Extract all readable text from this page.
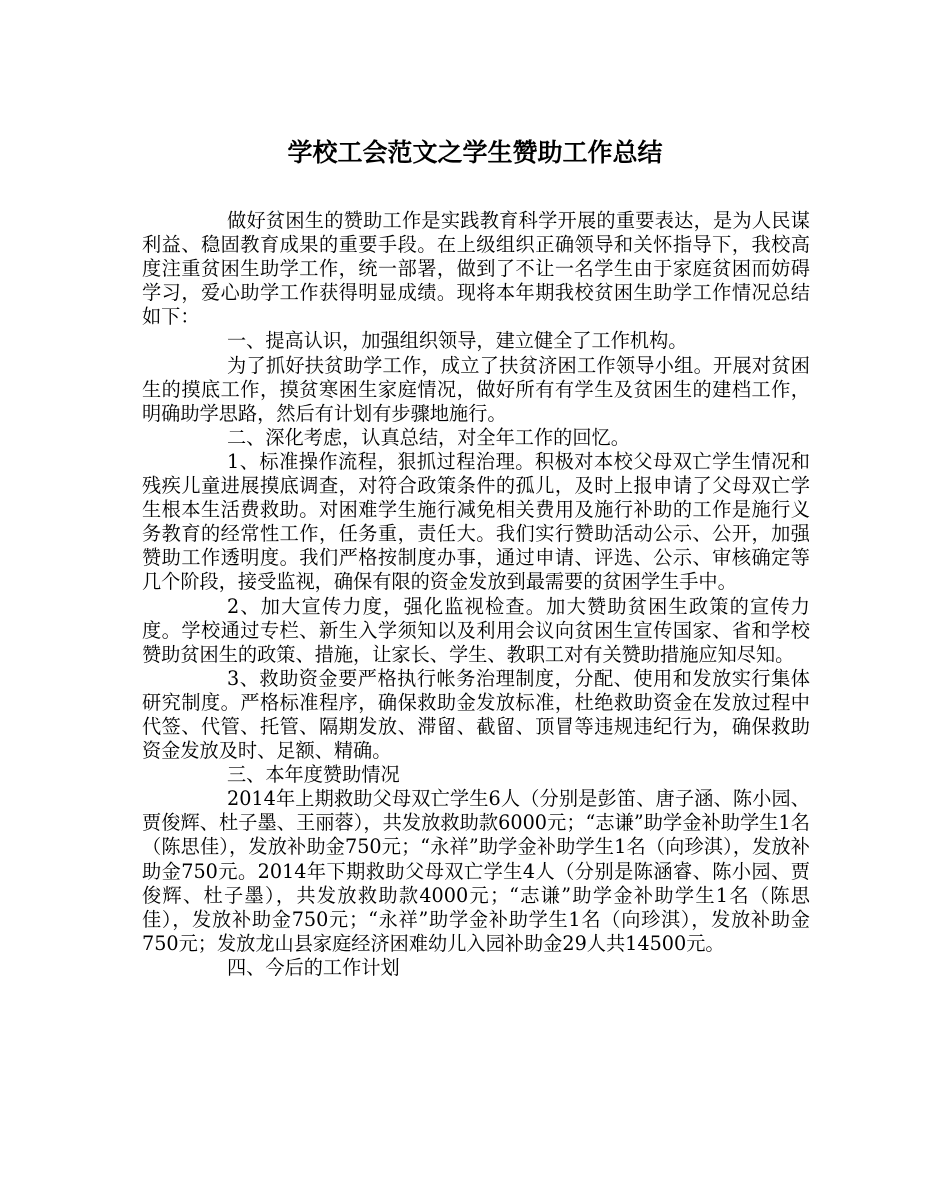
学校工会范文之学生赞助工作总结

做好贫困生的赞助工作是实践教育科学开展的重要表达，是为人民谋利益、稳固教育成果的重要手段。在上级组织正确领导和关怀指导下，我校高度注重贫困生助学工作，统一部署，做到了不让一名学生由于家庭贫困而妨碍学习，爱心助学工作获得明显成绩。现将本年期我校贫困生助学工作情况总结如下：

一、提高认识，加强组织领导，建立健全了工作机构。

为了抓好扶贫助学工作，成立了扶贫济困工作领导小组。开展对贫困生的摸底工作，摸贫寒困生家庭情况，做好所有有学生及贫困生的建档工作，明确助学思路，然后有计划有步骤地施行。

二、深化考虑，认真总结，对全年工作的回忆。

1、标准操作流程，狠抓过程治理。积极对本校父母双亡学生情况和残疾儿童进展摸底调查，对符合政策条件的孤儿，及时上报申请了父母双亡学生根本生活费救助。对困难学生施行减免相关费用及施行补助的工作是施行义务教育的经常性工作，任务重，责任大。我们实行赞助活动公示、公开，加强赞助工作透明度。我们严格按制度办事，通过申请、评选、公示、审核确定等几个阶段，接受监视，确保有限的资金发放到最需要的贫困学生手中。

2、加大宣传力度，强化监视检查。加大赞助贫困生政策的宣传力度。学校通过专栏、新生入学须知以及利用会议向贫困生宣传国家、省和学校赞助贫困生的政策、措施，让家长、学生、教职工对有关赞助措施应知尽知。

3、救助资金要严格执行帐务治理制度，分配、使用和发放实行集体研究制度。严格标准程序，确保救助金发放标准，杜绝救助资金在发放过程中代签、代管、托管、隔期发放、滞留、截留、顶冒等违规违纪行为，确保救助资金发放及时、足额、精确。

三、本年度赞助情况

2014年上期救助父母双亡学生6人（分别是彭笛、唐子涵、陈小园、贾俊辉、杜子墨、王丽蓉），共发放救助款6000元；“志谦”助学金补助学生1名（陈思佳），发放补助金750元；“永祥”助学金补助学生1名（向珍淇），发放补助金750元。2014年下期救助父母双亡学生4人（分别是陈涵睿、陈小园、贾俊辉、杜子墨），共发放救助款4000元；“志谦”助学金补助学生1名（陈思佳），发放补助金750元；“永祥”助学金补助学生1名（向珍淇），发放补助金750元；发放龙山县家庭经济困难幼儿入园补助金29人共14500元。

四、今后的工作计划
